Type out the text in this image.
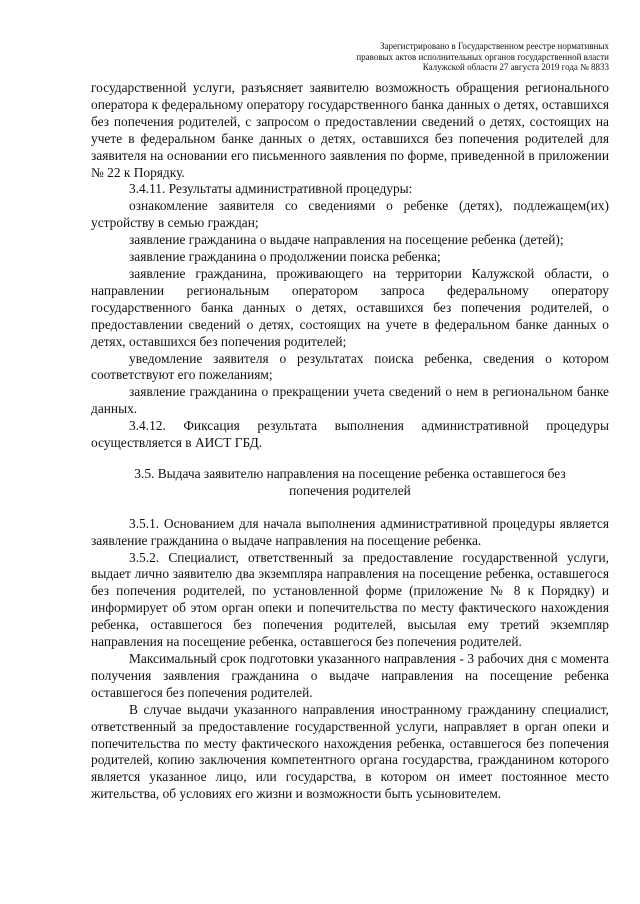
Зарегистрировано в Государственном реестре нормативных
правовых актов исполнительных органов государственной власти
Калужской области 27 августа 2019 года № 8833

государственной услуги, разъясняет заявителю возможность обращения регионального оператора к федеральному оператору государственного банка данных о детях, оставшихся без попечения родителей, с запросом о предоставлении сведений о детях, состоящих на учете в федеральном банке данных о детях, оставшихся без попечения родителей для заявителя на основании его письменного заявления по форме, приведенной в приложении № 22 к Порядку.

3.4.11. Результаты административной процедуры:

ознакомление заявителя со сведениями о ребенке (детях), подлежащем(их) устройству в семью граждан;

заявление гражданина о выдаче направления на посещение ребенка (детей);

заявление гражданина о продолжении поиска ребенка;

заявление гражданина, проживающего на территории Калужской области, о направлении региональным оператором запроса федеральному оператору государственного банка данных о детях, оставшихся без попечения родителей, о предоставлении сведений о детях, состоящих на учете в федеральном банке данных о детях, оставшихся без попечения родителей;

уведомление заявителя о результатах поиска ребенка, сведения о котором соответствуют его пожеланиям;

заявление гражданина о прекращении учета сведений о нем в региональном банке данных.

3.4.12. Фиксация результата выполнения административной процедуры осуществляется в АИСТ ГБД.

3.5. Выдача заявителю направления на посещение ребенка оставшегося без попечения родителей

3.5.1. Основанием для начала выполнения административной процедуры является заявление гражданина о выдаче направления на посещение ребенка.

3.5.2. Специалист, ответственный за предоставление государственной услуги, выдает лично заявителю два экземпляра направления на посещение ребенка, оставшегося без попечения родителей, по установленной форме (приложение № 8 к Порядку) и информирует об этом орган опеки и попечительства по месту фактического нахождения ребенка, оставшегося без попечения родителей, высылая ему третий экземпляр направления на посещение ребенка, оставшегося без попечения родителей.

Максимальный срок подготовки указанного направления - 3 рабочих дня с момента получения заявления гражданина о выдаче направления на посещение ребенка оставшегося без попечения родителей.

В случае выдачи указанного направления иностранному гражданину специалист, ответственный за предоставление государственной услуги, направляет в орган опеки и попечительства по месту фактического нахождения ребенка, оставшегося без попечения родителей, копию заключения компетентного органа государства, гражданином которого является указанное лицо, или государства, в котором он имеет постоянное место жительства, об условиях его жизни и возможности быть усыновителем.
